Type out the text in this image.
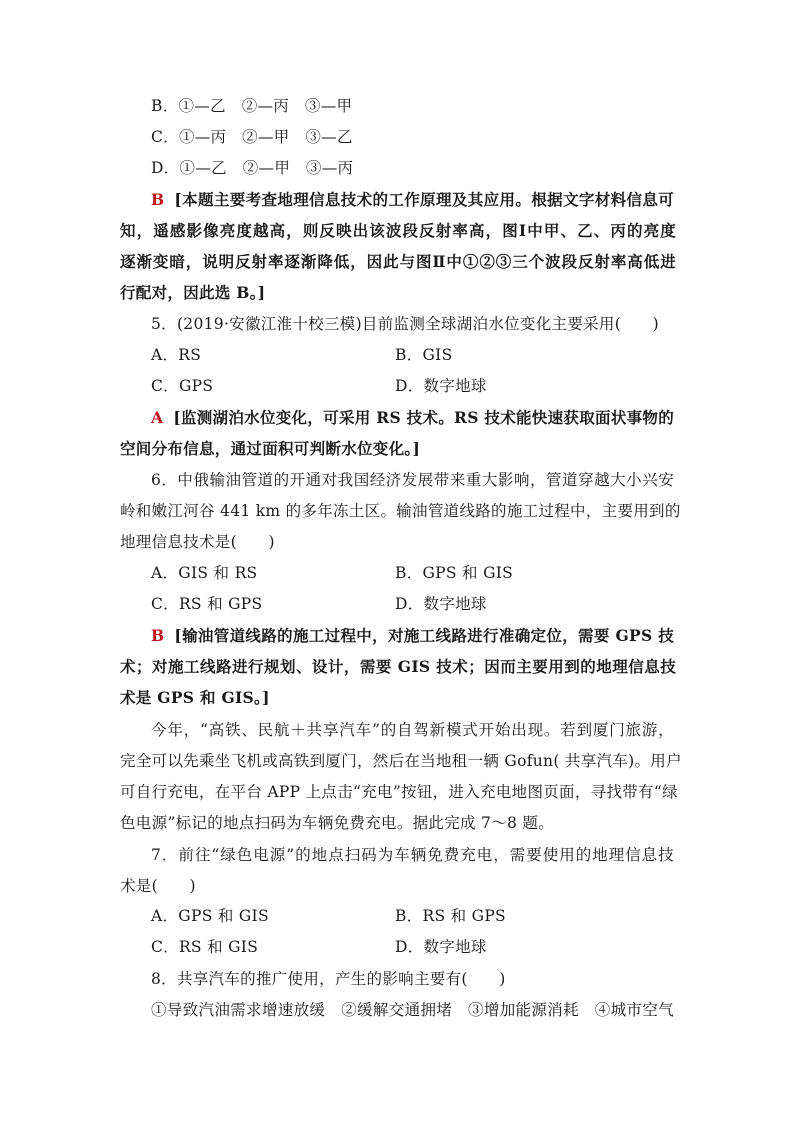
B．①—乙　②—丙　③—甲
C．①—丙　②—甲　③—乙
D．①—乙　②—甲　③—丙
B [本题主要考查地理信息技术的工作原理及其应用。根据文字材料信息可
知，遥感影像亮度越高，则反映出该波段反射率高，图Ⅰ中甲、乙、丙的亮度
逐渐变暗，说明反射率逐渐降低，因此与图Ⅱ中①②③三个波段反射率高低进
行配对，因此选 B。]
5．(2019·安徽江淮十校三模)目前监测全球湖泊水位变化主要采用(　　)
A．RS	B．GIS
C．GPS	D．数字地球
A [监测湖泊水位变化，可采用 RS 技术。RS 技术能快速获取面状事物的
空间分布信息，通过面积可判断水位变化。]
6．中俄输油管道的开通对我国经济发展带来重大影响，管道穿越大小兴安
岭和嫩江河谷 441 km 的多年冻土区。输油管道线路的施工过程中，主要用到的
地理信息技术是(　　)
A．GIS 和 RS	B．GPS 和 GIS
C．RS 和 GPS	D．数字地球
B [输油管道线路的施工过程中，对施工线路进行准确定位，需要 GPS 技
术；对施工线路进行规划、设计，需要 GIS 技术；因而主要用到的地理信息技
术是 GPS 和 GIS。]
今年，“高铁、民航＋共享汽车”的自驾新模式开始出现。若到厦门旅游，
完全可以先乘坐飞机或高铁到厦门，然后在当地租一辆 Gofun( 共享汽车)。用户
可自行充电，在平台 APP 上点击“充电”按钮，进入充电地图页面，寻找带有“绿
色电源”标记的地点扫码为车辆免费充电。据此完成 7～8 题。
7．前往“绿色电源”的地点扫码为车辆免费充电，需要使用的地理信息技
术是(　　)
A．GPS 和 GIS	B．RS 和 GPS
C．RS 和 GIS	D．数字地球
8．共享汽车的推广使用，产生的影响主要有(　　)
①导致汽油需求增速放缓　②缓解交通拥堵　③增加能源消耗　④城市空气
